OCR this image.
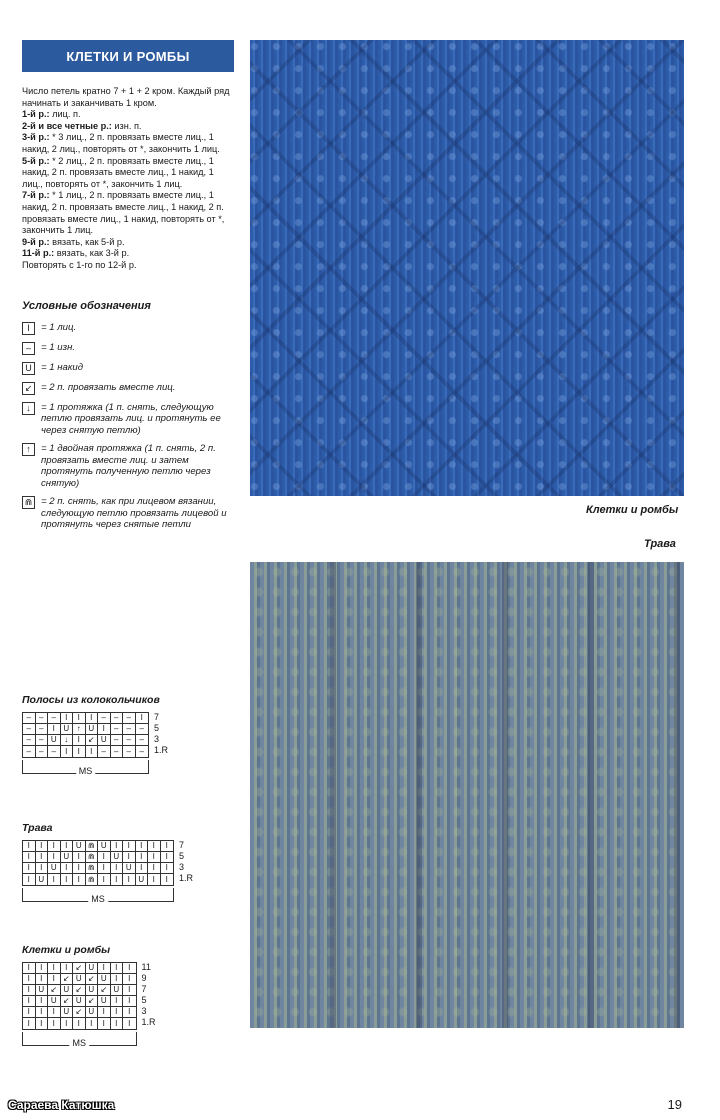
КЛЕТКИ И РОМБЫ

Число петель кратно 7 + 1 + 2 кром. Каждый ряд начинать и заканчивать 1 кром.

1-й р.: лиц. п.

2-й и все четные р.: изн. п.

3-й р.: * 3 лиц., 2 п. провязать вместе лиц., 1 накид, 2 лиц., повторять от *, закончить 1 лиц.

5-й р.: * 2 лиц., 2 п. провязать вместе лиц., 1 накид, 2 п. провязать вместе лиц., 1 накид, 1 лиц., повторять от *, закончить 1 лиц.

7-й р.: * 1 лиц., 2 п. провязать вместе лиц., 1 накид, 2 п. провязать вместе лиц., 1 накид, 2 п. провязать вместе лиц., 1 накид, повторять от *, закончить 1 лиц.

9-й р.: вязать, как 5-й р.

11-й р.: вязать, как 3-й р.

Повторять с 1-го по 12-й р.

Условные обозначения
I	= 1 лиц.
–	= 1 изн.
U = 1 накид
↙ = 2 п. провязать вместе лиц.
↓	= 1 протяжка (1 п. снять, следующую петлю провязать лиц. и протянуть ее через снятую петлю)
↑	= 1 двойная протяжка (1 п. снять, 2 п. провязать вместе лиц. и затем протянуть полученную петлю через снятую)
⋒ = 2 п. снять, как при лицевом вязании, следующую петлю провязать лицевой и протянуть через снятые петли
Полосы из колокольчиков
–	–	–	I	I	I	–	–	–	I
–	–	I	U ↑ U	I	–	–	–
–	– U ↓	I	↙ U –	–	–
–	–	–	I	I	I	–	–	–	–
7
5
3
1.R
MS
Трава
I	I	I	I	U ⋒ U	I	I	I	I	I
I	I	I	U	I	⋒	I	U	I	I	I	I
I	I	U	I	I	⋒	I	I	U	I	I	I
I	U	I	I	I	⋒	I	I	I	U	I	I
7
5
3
1.R
MS
Клетки и ромбы
I	I	I	I	↙ U	I	I	I
I	I	I	↙ U ↙ U	I	I
I	U ↙ U ↙ U ↙ U	I
I	I	U ↙ U ↙ U	I	I
I	I	I	U ↙ U	I	I	I
I	I	I	I	I	I	I	I	I
11
9
7
5
3
1.R
MS
Клетки и ромбы
Трава
19
Сараева Катюшка
